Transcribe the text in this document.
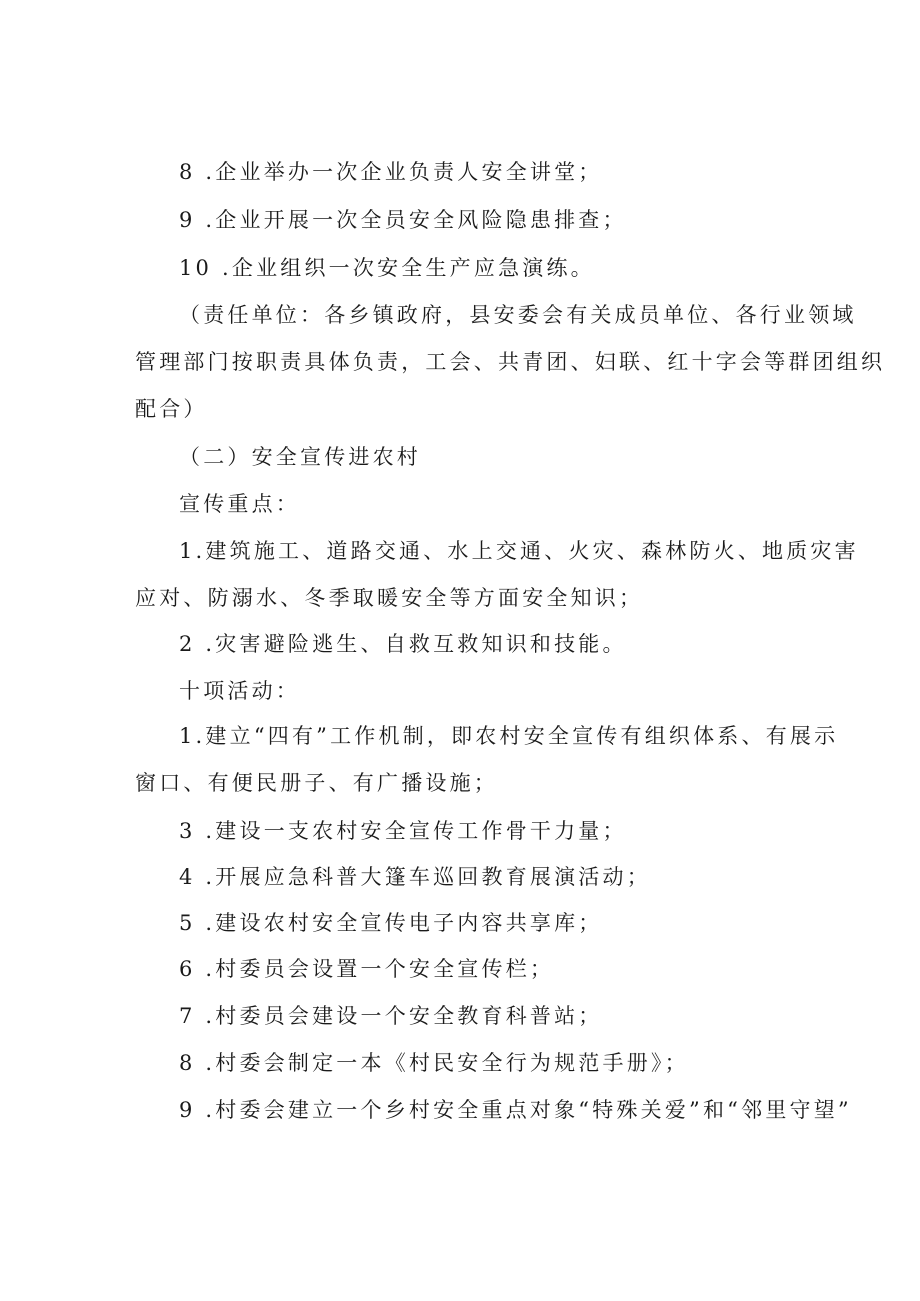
8 .企业举办一次企业负责人安全讲堂；
9 .企业开展一次全员安全风险隐患排查；
10 .企业组织一次安全生产应急演练。
（责任单位：各乡镇政府，县安委会有关成员单位、各行业领域
管理部门按职责具体负责，工会、共青团、妇联、红十字会等群团组织
配合）
（二）安全宣传进农村
宣传重点：
1.建筑施工、道路交通、水上交通、火灾、森林防火、地质灾害
应对、防溺水、冬季取暖安全等方面安全知识；
2 .灾害避险逃生、自救互救知识和技能。
十项活动：
1.建立“四有”工作机制，即农村安全宣传有组织体系、有展示
窗口、有便民册子、有广播设施；
3 .建设一支农村安全宣传工作骨干力量；
4 .开展应急科普大篷车巡回教育展演活动；
5 .建设农村安全宣传电子内容共享库；
6 .村委员会设置一个安全宣传栏；
7 .村委员会建设一个安全教育科普站；
8 .村委会制定一本《村民安全行为规范手册》；
9 .村委会建立一个乡村安全重点对象“特殊关爱”和“邻里守望”
